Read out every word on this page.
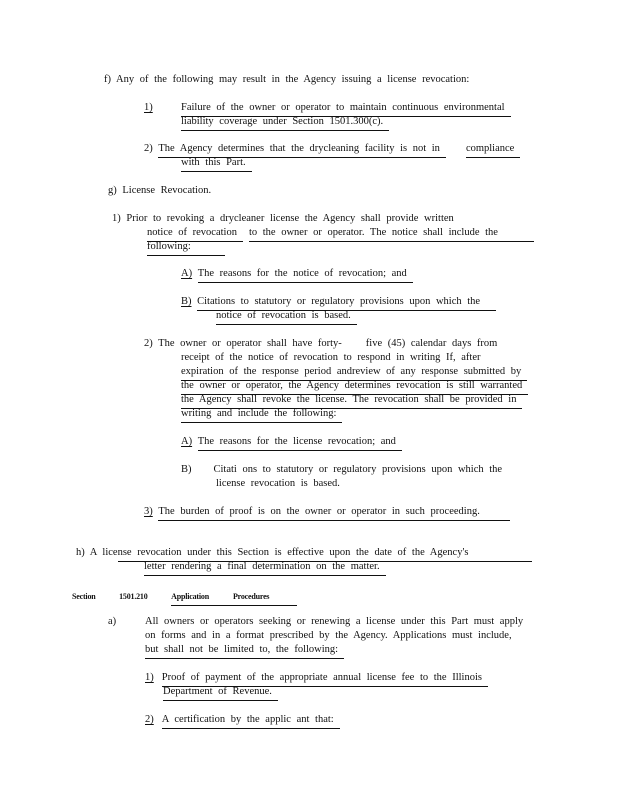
f) Any of the following may result in the Agency issuing a license revocation:
1)	Failure of the owner or operator to maintain continuous environmental
liability coverage under Section 1501.300(c).
2) The Agency determines that the drycleaning facility is not in compliance
with this Part.
g) License Revocation.
1) Prior to revoking a drycleaner license the Agency shall provide written
notice of revocation to the owner or operator. The notice shall include the
following:
A) The reasons for the notice of revocation; and
B) Citations to statutory or regulatory provisions upon which the
notice of revocation is based.
2) The owner or operator shall have forty- five (45) calendar days from
receipt of the notice of revocation to respond in writing If, after
expiration of the response period andreview of any response submitted by
the owner or operator, the Agency determines revocation is still warranted
the Agency shall revoke the license. The revocation shall be provided in
writing and include the following:
A) The reasons for the license revocation; and
B) Citati ons to statutory or regulatory provisions upon which the
license revocation is based.
3) The burden of proof is on the owner or operator in such proceeding.
h) A license revocation under this Section is effective upon the date of the Agency's
letter rendering a final determination on the matter.
Section	1501.210	Application	Procedures
a)	All owners or operators seeking or renewing a license under this Part must apply
on forms and in a format prescribed by the Agency. Applications must include,
but shall not be limited to, the following:
1) Proof of payment of the appropriate annual license fee to the Illinois
Department of Revenue.
2) A certification by the applic ant that:
